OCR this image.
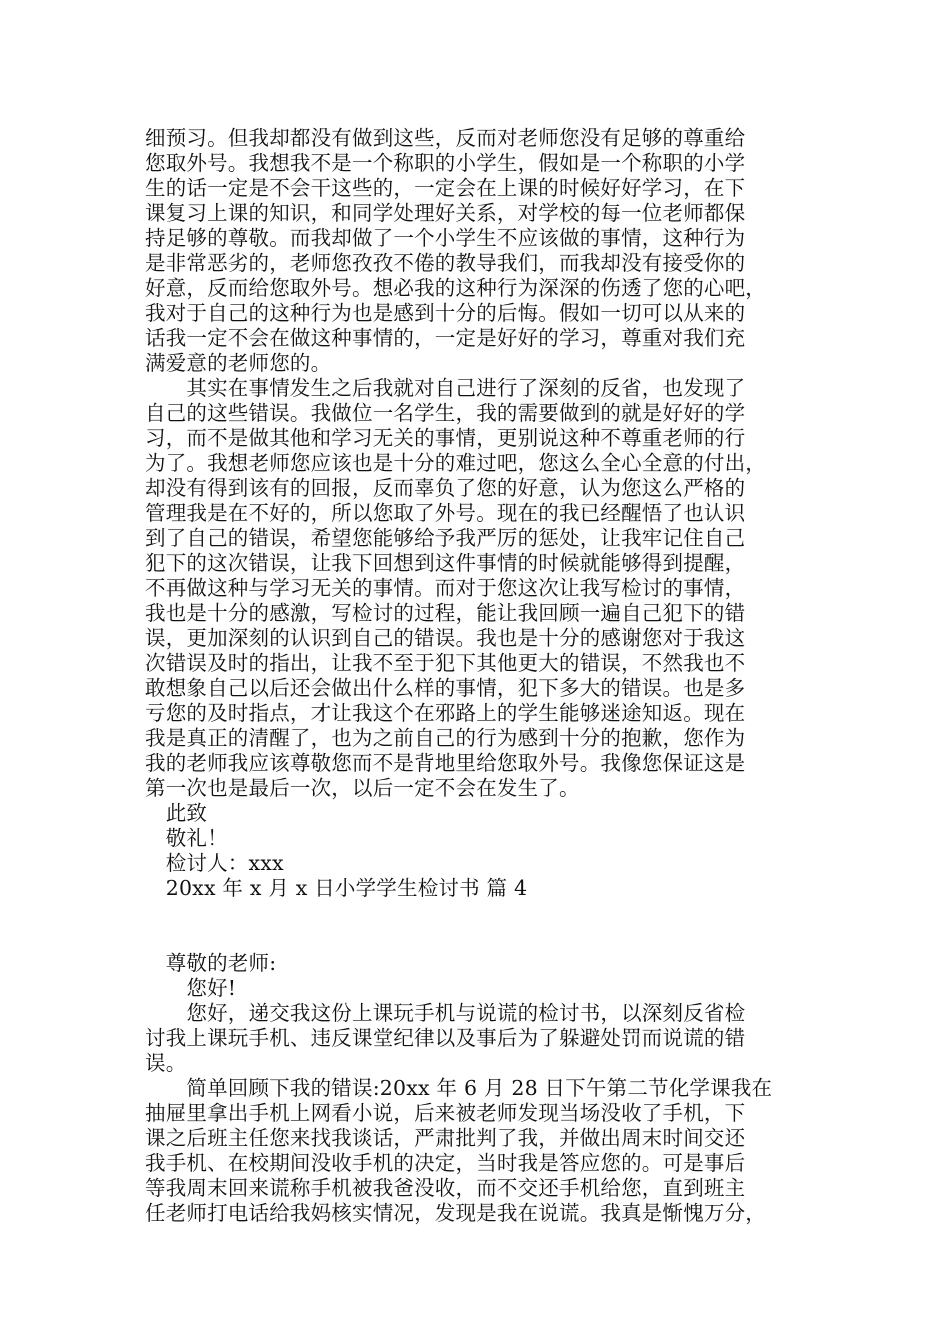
细预习。但我却都没有做到这些，反而对老师您没有足够的尊重给
您取外号。我想我不是一个称职的小学生，假如是一个称职的小学
生的话一定是不会干这些的，一定会在上课的时候好好学习，在下
课复习上课的知识，和同学处理好关系，对学校的每一位老师都保
持足够的尊敬。而我却做了一个小学生不应该做的事情，这种行为
是非常恶劣的，老师您孜孜不倦的教导我们，而我却没有接受你的
好意，反而给您取外号。想必我的这种行为深深的伤透了您的心吧，
我对于自己的这种行为也是感到十分的后悔。假如一切可以从来的
话我一定不会在做这种事情的，一定是好好的学习，尊重对我们充
满爱意的老师您的。
　　其实在事情发生之后我就对自己进行了深刻的反省，也发现了
自己的这些错误。我做位一名学生，我的需要做到的就是好好的学
习，而不是做其他和学习无关的事情，更别说这种不尊重老师的行
为了。我想老师您应该也是十分的难过吧，您这么全心全意的付出，
却没有得到该有的回报，反而辜负了您的好意，认为您这么严格的
管理我是在不好的，所以您取了外号。现在的我已经醒悟了也认识
到了自己的错误，希望您能够给予我严厉的惩处，让我牢记住自己
犯下的这次错误，让我下回想到这件事情的时候就能够得到提醒，
不再做这种与学习无关的事情。而对于您这次让我写检讨的事情，
我也是十分的感激，写检讨的过程，能让我回顾一遍自己犯下的错
误，更加深刻的认识到自己的错误。我也是十分的感谢您对于我这
次错误及时的指出，让我不至于犯下其他更大的错误，不然我也不
敢想象自己以后还会做出什么样的事情，犯下多大的错误。也是多
亏您的及时指点，才让我这个在邪路上的学生能够迷途知返。现在
我是真正的清醒了，也为之前自己的行为感到十分的抱歉，您作为
我的老师我应该尊敬您而不是背地里给您取外号。我像您保证这是
第一次也是最后一次，以后一定不会在发生了。
　此致
　敬礼！
　检讨人：xxx
　20xx 年 x 月 x 日小学学生检讨书 篇 4
　尊敬的老师:
　　您好!
　　您好，递交我这份上课玩手机与说谎的检讨书，以深刻反省检
讨我上课玩手机、违反课堂纪律以及事后为了躲避处罚而说谎的错
误。
　　简单回顾下我的错误:20xx 年 6 月 28 日下午第二节化学课我在
抽屉里拿出手机上网看小说，后来被老师发现当场没收了手机，下
课之后班主任您来找我谈话，严肃批判了我，并做出周末时间交还
我手机、在校期间没收手机的决定，当时我是答应您的。可是事后
等我周末回来谎称手机被我爸没收，而不交还手机给您，直到班主
任老师打电话给我妈核实情况，发现是我在说谎。我真是惭愧万分，
